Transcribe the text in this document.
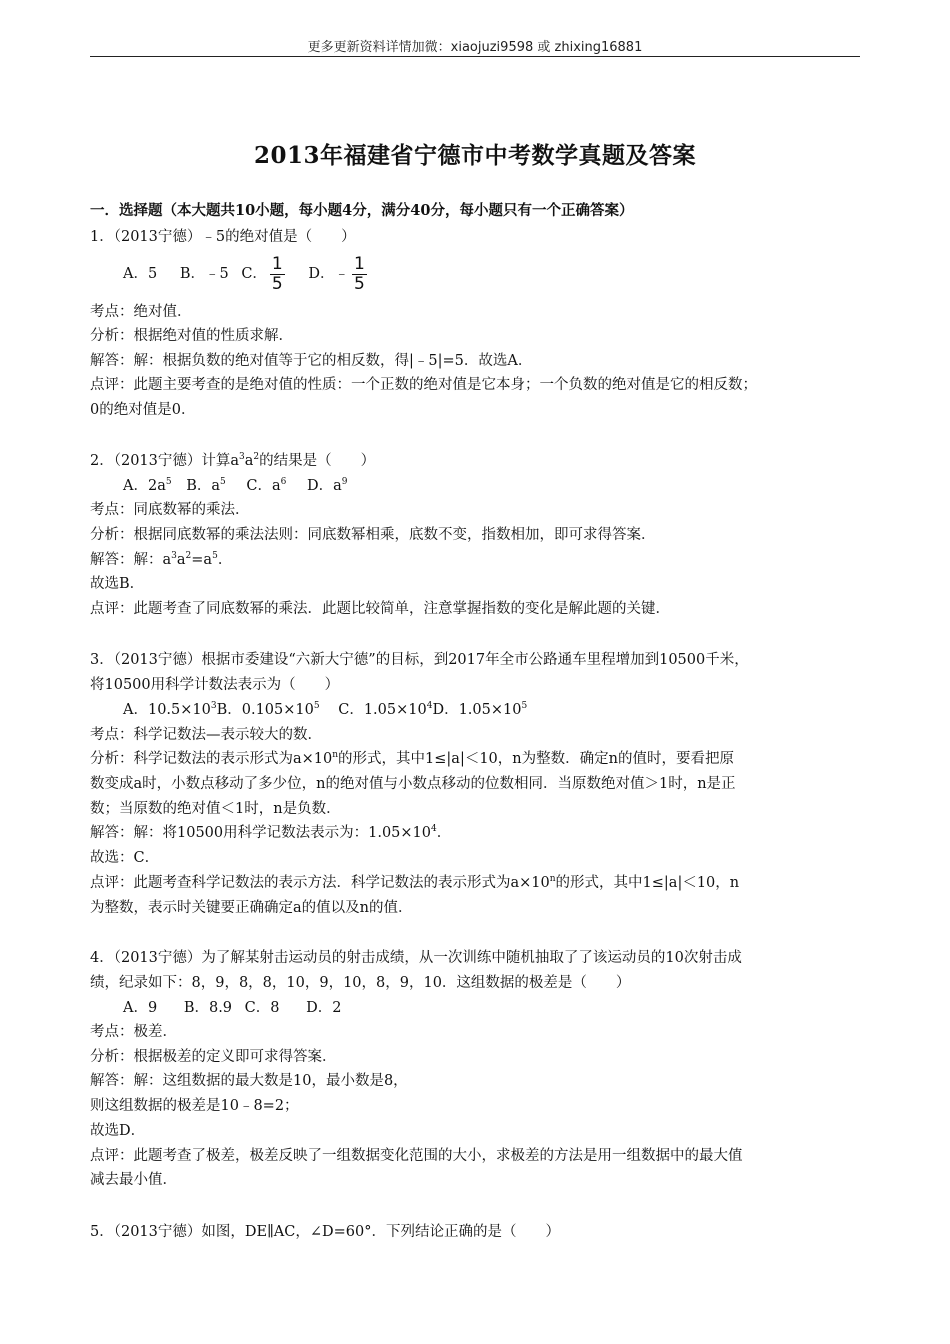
更多更新资料详情加微：xiaojuzi9598 或 zhixing16881
2013年福建省宁德市中考数学真题及答案
一．选择题（本大题共10小题，每小题4分，满分40分，每小题只有一个正确答案）
1．（2013宁德）﹣5的绝对值是（　　）
A．5 B．﹣5 C． $\frac{1}{5}$ D．﹣ $\frac{1}{5}$
考点：绝对值．
分析：根据绝对值的性质求解．
解答：解：根据负数的绝对值等于它的相反数，得|﹣5|=5．故选A．
点评：此题主要考查的是绝对值的性质：一个正数的绝对值是它本身；一个负数的绝对值是它的相反数；
0的绝对值是0．
2．（2013宁德）计算$a^3a^2$的结果是（　　）
A．$2a^5$ B．$a^5$ C．$a^6$ D．$a^9$
考点：同底数幂的乘法．
分析：根据同底数幂的乘法法则：同底数幂相乘，底数不变，指数相加，即可求得答案．
解答：解：$a^3a^2=a^5$．
故选B．
点评：此题考查了同底数幂的乘法．此题比较简单，注意掌握指数的变化是解此题的关键．
3．（2013宁德）根据市委建设“六新大宁德”的目标，到2017年全市公路通车里程增加到10500千米，
将10500用科学计数法表示为（　　）
A．$10.5\times 10^3B$．$0.105\times 10^5$ C．$1.05\times 10^4D$．$1.05\times 10^5$
考点：科学记数法—表示较大的数．
分析：科学记数法的表示形式为$a\times 10^n$的形式，其中1≤|a|＜10，n为整数．确定n的值时，要看把原
数变成a时，小数点移动了多少位，n的绝对值与小数点移动的位数相同．当原数绝对值＞1时，n是正
数；当原数的绝对值＜1时，n是负数．
解答：解：将10500用科学记数法表示为：$1.05\times 10^4$．
故选：C．
点评：此题考查科学记数法的表示方法．科学记数法的表示形式为$a\times 10^n$的形式，其中1≤|a|＜10，n
为整数，表示时关键要正确确定a的值以及n的值．
4．（2013宁德）为了解某射击运动员的射击成绩，从一次训练中随机抽取了了该运动员的10次射击成
绩，纪录如下：8，9，8，8，10，9，10，8，9，10．这组数据的极差是（　　）
A．9 B．8.9 C．8 D．2
考点：极差．
分析：根据极差的定义即可求得答案．
解答：解：这组数据的最大数是10，最小数是8，
则这组数据的极差是10﹣8=2；
故选D．
点评：此题考查了极差，极差反映了一组数据变化范围的大小，求极差的方法是用一组数据中的最大值
减去最小值．
5．（2013宁德）如图，DE∥AC，∠D=60°．下列结论正确的是（　　）
